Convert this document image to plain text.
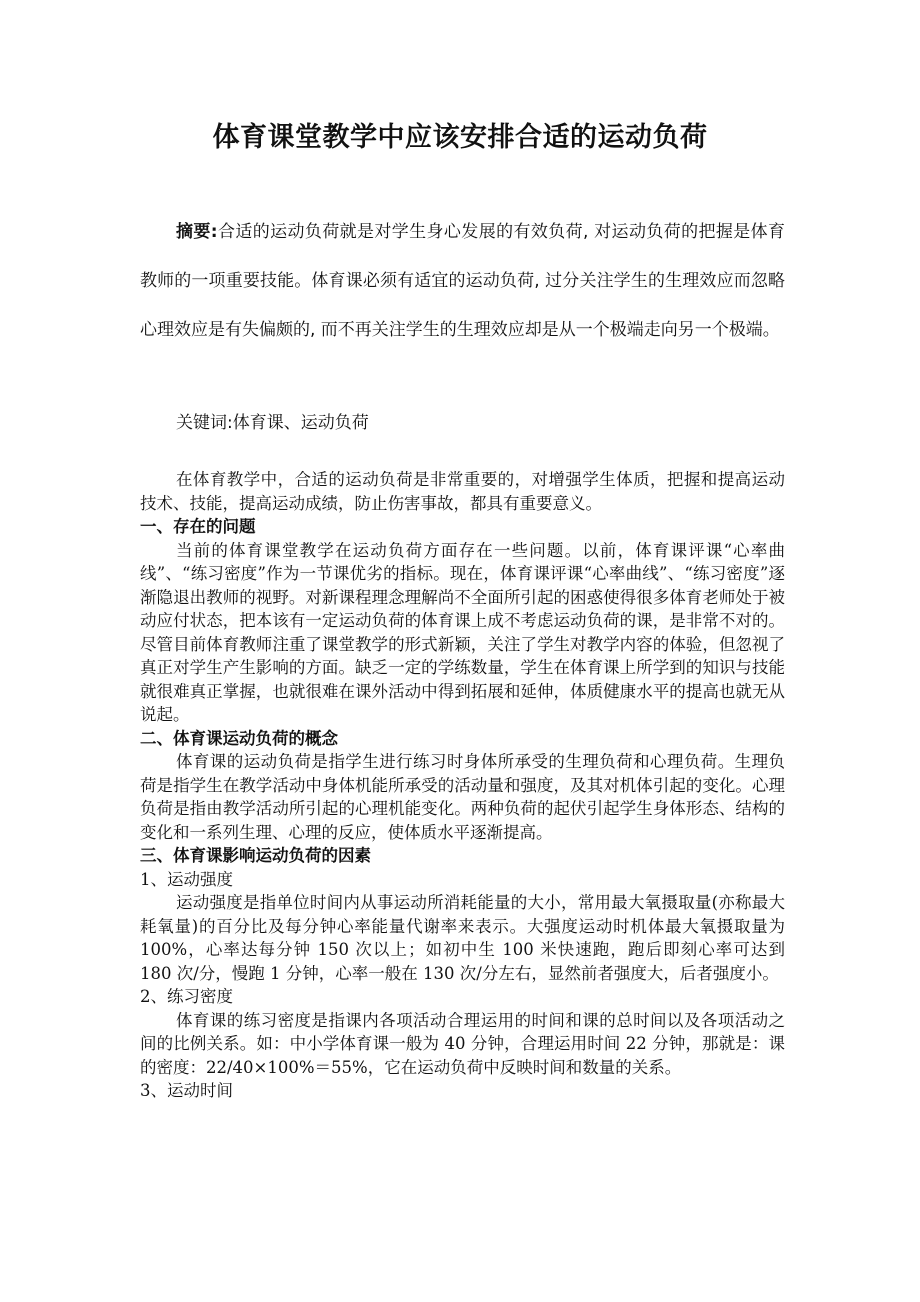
体育课堂教学中应该安排合适的运动负荷

摘要:合适的运动负荷就是对学生身心发展的有效负荷, 对运动负荷的把握是体育教师的一项重要技能。体育课必须有适宜的运动负荷, 过分关注学生的生理效应而忽略心理效应是有失偏颇的, 而不再关注学生的生理效应却是从一个极端走向另一个极端。

关键词:体育课、运动负荷

在体育教学中，合适的运动负荷是非常重要的，对增强学生体质，把握和提高运动技术、技能，提高运动成绩，防止伤害事故，都具有重要意义。

一、存在的问题

当前的体育课堂教学在运动负荷方面存在一些问题。以前，体育课评课“心率曲线”、“练习密度”作为一节课优劣的指标。现在，体育课评课“心率曲线”、“练习密度”逐渐隐退出教师的视野。对新课程理念理解尚不全面所引起的困惑使得很多体育老师处于被动应付状态，把本该有一定运动负荷的体育课上成不考虑运动负荷的课，是非常不对的。尽管目前体育教师注重了课堂教学的形式新颖，关注了学生对教学内容的体验，但忽视了真正对学生产生影响的方面。缺乏一定的学练数量，学生在体育课上所学到的知识与技能就很难真正掌握，也就很难在课外活动中得到拓展和延伸，体质健康水平的提高也就无从说起。

二、体育课运动负荷的概念

体育课的运动负荷是指学生进行练习时身体所承受的生理负荷和心理负荷。生理负荷是指学生在教学活动中身体机能所承受的活动量和强度，及其对机体引起的变化。心理负荷是指由教学活动所引起的心理机能变化。两种负荷的起伏引起学生身体形态、结构的变化和一系列生理、心理的反应，使体质水平逐渐提高。

三、体育课影响运动负荷的因素
1、运动强度

运动强度是指单位时间内从事运动所消耗能量的大小，常用最大氧摄取量(亦称最大耗氧量)的百分比及每分钟心率能量代谢率来表示。大强度运动时机体最大氧摄取量为 100%，心率达每分钟 150 次以上；如初中生 100 米快速跑，跑后即刻心率可达到 180 次/分，慢跑 1 分钟，心率一般在 130 次/分左右，显然前者强度大，后者强度小。

2、练习密度

体育课的练习密度是指课内各项活动合理运用的时间和课的总时间以及各项活动之间的比例关系。如：中小学体育课一般为 40 分钟，合理运用时间 22 分钟，那就是：课的密度：22/40×100%＝55%，它在运动负荷中反映时间和数量的关系。

3、运动时间
